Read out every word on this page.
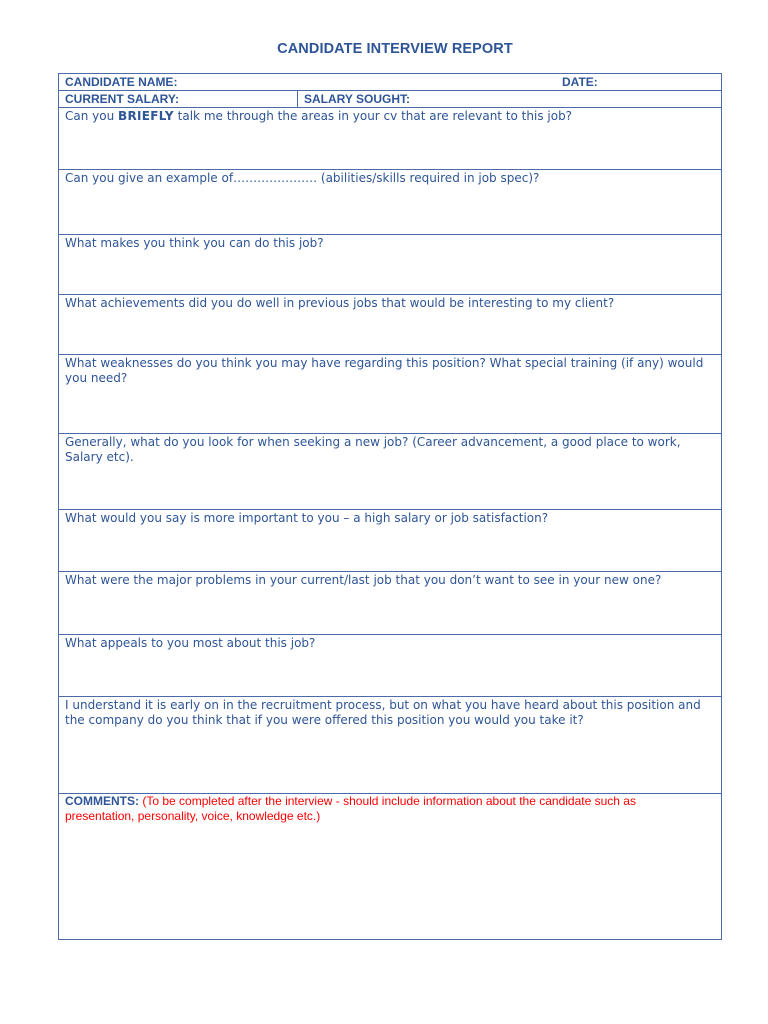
CANDIDATE INTERVIEW REPORT
CANDIDATE NAME:	DATE:
CURRENT SALARY:	SALARY SOUGHT:
Can you BRIEFLY talk me through the areas in your cv that are relevant to this job?
Can you give an example of………………… (abilities/skills required in job spec)?
What makes you think you can do this job?
What achievements did you do well in previous jobs that would be interesting to my client?
What weaknesses do you think you may have regarding this position? What special training (if any) would you need?
Generally, what do you look for when seeking a new job? (Career advancement, a good place to work, Salary etc).
What would you say is more important to you – a high salary or job satisfaction?
What were the major problems in your current/last job that you don’t want to see in your new one?
What appeals to you most about this job?
I understand it is early on in the recruitment process, but on what you have heard about this position and the company do you think that if you were offered this position you would you take it?
COMMENTS: (To be completed after the interview - should include information about the candidate such as presentation, personality, voice, knowledge etc.)
